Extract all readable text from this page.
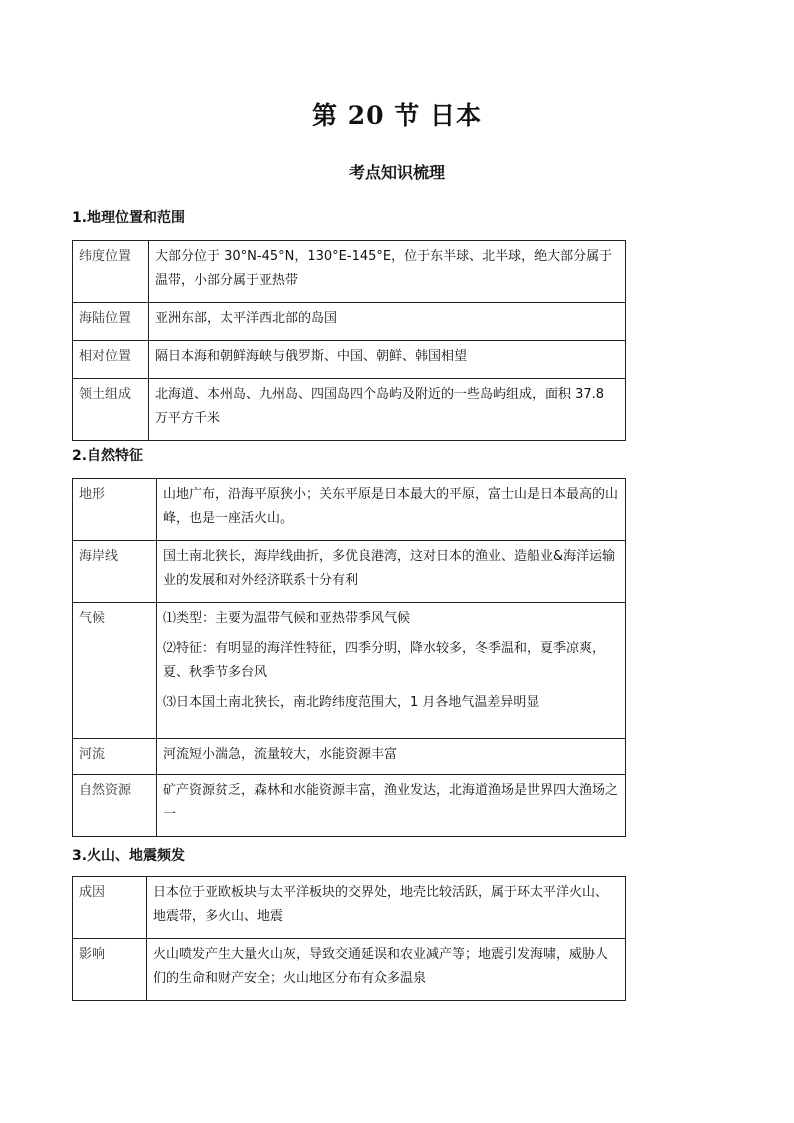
第 20 节 日本
考点知识梳理
1.地理位置和范围
纬度位置	大部分位于 30°N-45°N，130°E-145°E，位于东半球、北半球，绝大部分属于温带，小部分属于亚热带
海陆位置	亚洲东部，太平洋西北部的岛国
相对位置	隔日本海和朝鲜海峡与俄罗斯、中国、朝鲜、韩国相望
领土组成	北海道、本州岛、九州岛、四国岛四个岛屿及附近的一些岛屿组成，面积 37.8 万平方千米
2.自然特征
地形	山地广布，沿海平原狭小；关东平原是日本最大的平原，富士山是日本最高的山峰，也是一座活火山。
海岸线	国土南北狭长，海岸线曲折，多优良港湾，这对日本的渔业、造船业&海洋运输业的发展和对外经济联系十分有利
气候	⑴类型：主要为温带气候和亚热带季风气候

⑵特征：有明显的海洋性特征，四季分明，降水较多，冬季温和，夏季凉爽，夏、秋季节多台风

⑶日本国土南北狭长，南北跨纬度范围大，1 月各地气温差异明显

河流	河流短小湍急，流量较大，水能资源丰富
自然资源	矿产资源贫乏，森林和水能资源丰富，渔业发达，北海道渔场是世界四大渔场之一
3.火山、地震频发
成因	日本位于亚欧板块与太平洋板块的交界处，地壳比较活跃，属于环太平洋火山、地震带，多火山、地震
影响	火山喷发产生大量火山灰，导致交通延误和农业减产等；地震引发海啸，威胁人们的生命和财产安全；火山地区分布有众多温泉
